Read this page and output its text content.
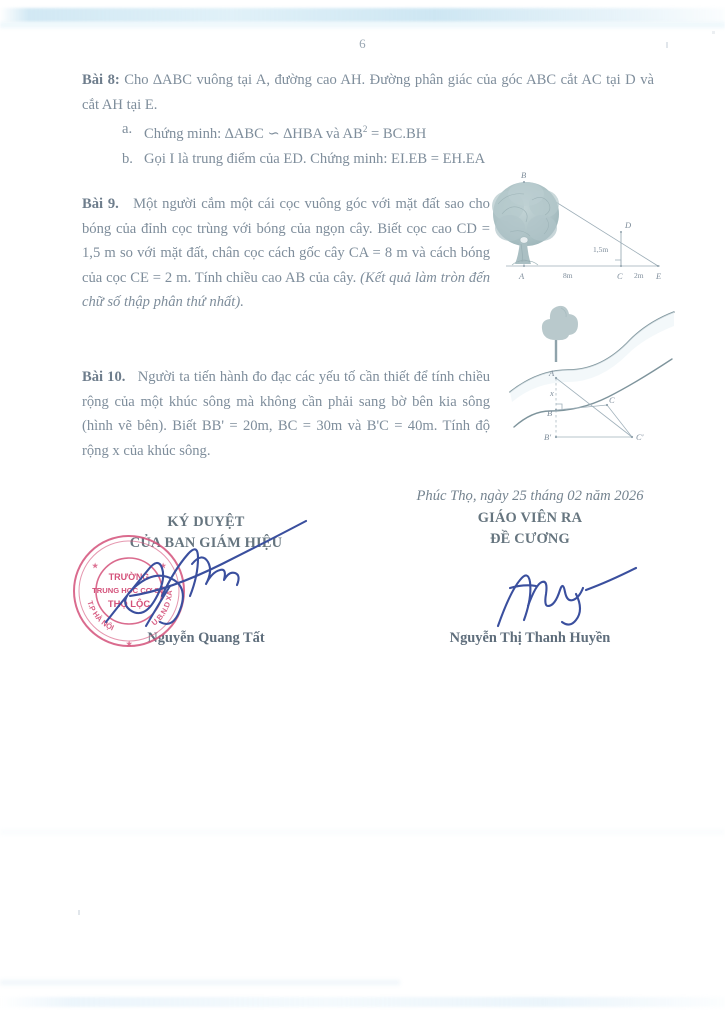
6
Bài 8: Cho ∆ABC vuông tại A, đường cao AH. Đường phân giác của góc ABC cắt AC tại D và cắt AH tại E.
a. Chứng minh: ∆ABC ∽ ∆HBA và $AB^2 = BC.BH$
b. Gọi I là trung điểm của ED. Chứng minh: EI.EB = EH.EA
Bài 9. Một người cắm một cái cọc vuông góc với mặt đất sao cho bóng của đỉnh cọc trùng với bóng của ngọn cây. Biết cọc cao CD = 1,5 m so với mặt đất, chân cọc cách gốc cây CA = 8 m và cách bóng của cọc CE = 2 m. Tính chiều cao AB của cây. (Kết quả làm tròn đến chữ số thập phân thứ nhất).
Bài 10. Người ta tiến hành đo đạc các yếu tố cần thiết để tính chiều rộng của một khúc sông mà không cần phải sang bờ bên kia sông (hình vẽ bên). Biết BB' = 20m, BC = 30m và B'C = 40m. Tính độ rộng x của khúc sông.
B
A	C	E
D
8m	2m
1,5m
A
B
C
B'	C'
x
KÝ DUYỆT
CỦA BAN GIÁM HIỆU
Nguyễn Quang Tất
Phúc Thọ, ngày 25 tháng 02 năm 2026
GIÁO VIÊN RA
ĐỀ CƯƠNG
Nguyễn Thị Thanh Huyền
★	★
★
U.B.N.D XÃ
T.P HÀ NỘI
TRƯỜNG
TRUNG HỌC CƠ SỞ
THỌ LỘC
